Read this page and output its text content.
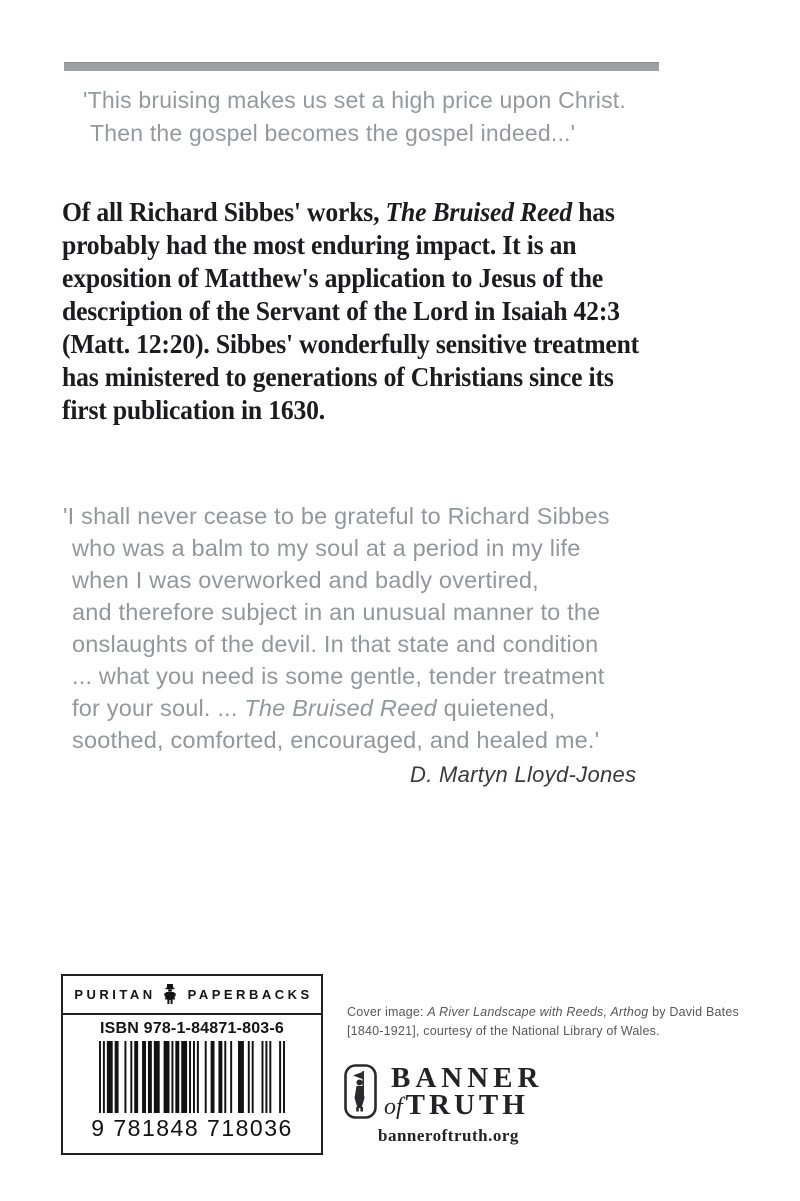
'This bruising makes us set a high price upon Christ.
Then the gospel becomes the gospel indeed...'
Of all Richard Sibbes' works, The Bruised Reed has
probably had the most enduring impact. It is an
exposition of Matthew's application to Jesus of the
description of the Servant of the Lord in Isaiah 42:3
(Matt. 12:20). Sibbes' wonderfully sensitive treatment
has ministered to generations of Christians since its
first publication in 1630.
'I shall never cease to be grateful to Richard Sibbes
who was a balm to my soul at a period in my life
when I was overworked and badly overtired,
and therefore subject in an unusual manner to the
onslaughts of the devil. In that state and condition
... what you need is some gentle, tender treatment
for your soul. ... The Bruised Reed quietened,
soothed, comforted, encouraged, and healed me.'
D. Martyn Lloyd-Jones
PURITAN PAPERBACKS
ISBN 978-1-84871-803-6
9 781848 718036
Cover image: A River Landscape with Reeds, Arthog by David Bates
[1840-1921], courtesy of the National Library of Wales.
BANNER
of TRUTH
banneroftruth.org
